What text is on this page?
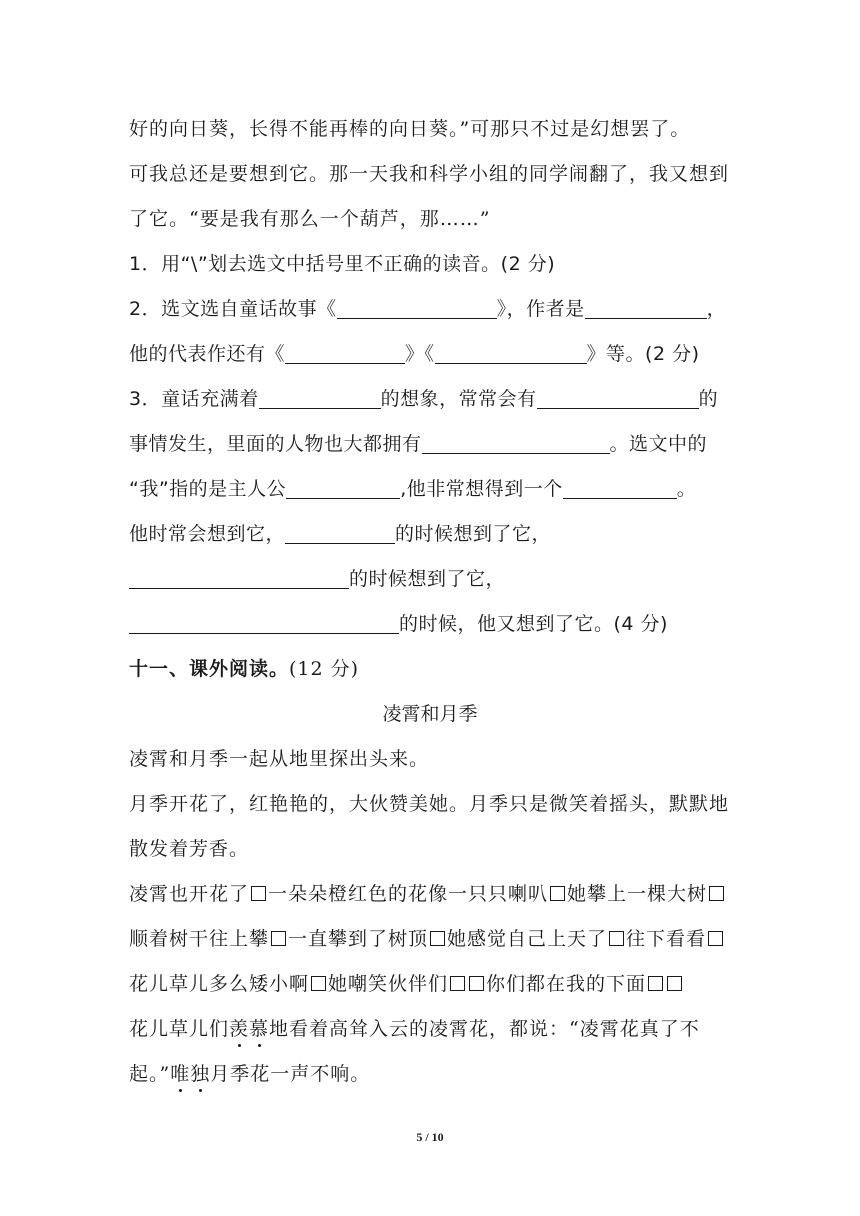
好的向日葵，长得不能再棒的向日葵。”可那只不过是幻想罢了。
可我总还是要想到它。那一天我和科学小组的同学闹翻了，我又想到
了它。“要是我有那么一个葫芦，那……”
1．用“\”划去选文中括号里不正确的读音。(2 分)
2．选文选自童话故事《	》，作者是	，
他的代表作还有《	》《	》等。(2 分)
3．童话充满着	的想象，常常会有	的
事情发生，里面的人物也大都拥有	。选文中的
“我”指的是主人公	,他非常想得到一个	。
他时常会想到它，	的时候想到了它，
的时候想到了它，
的时候，他又想到了它。(4 分)
十一、课外阅读。(12 分)
凌霄和月季
凌霄和月季一起从地里探出头来。
月季开花了，红艳艳的，大伙赞美她。月季只是微笑着摇头，默默地
散发着芳香。
凌霄也开花了 一朵朵橙红色的花像一只只喇叭 她攀上一棵大树
顺着树干往上攀 一直攀到了树顶 她感觉自己上天了 往下看看
花儿草儿多么矮小啊 她嘲笑伙伴们 你们都在我的下面
花儿草儿们羡慕地看着高耸入云的凌霄花，都说：“凌霄花真了不
起。”唯独月季花一声不响。
5 / 10
